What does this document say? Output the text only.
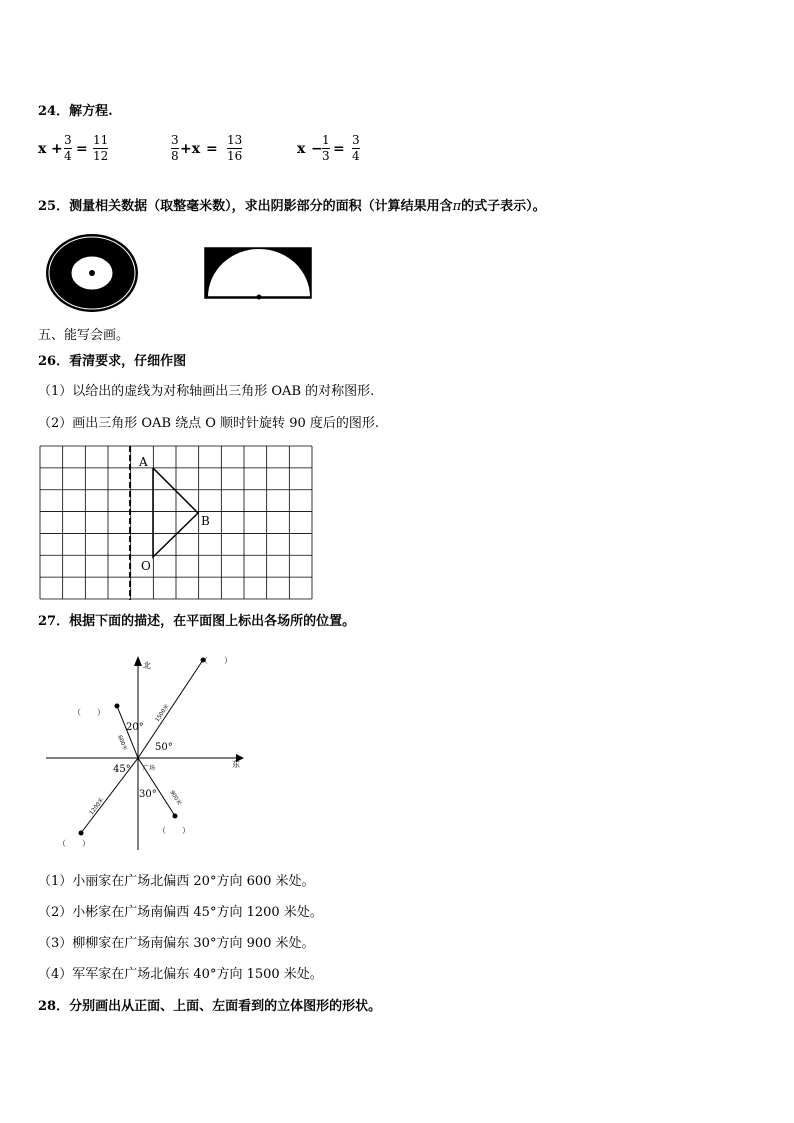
24．解方程.
x +
3
4 =
11
12
3
8 +x =
13
16	x −
1
3 =
3
4
25．测量相关数据（取整毫米数），求出阴影部分的面积（计算结果用含π的式子表示）。
五、能写会画。
26．看清要求，仔细作图
（1）以给出的虚线为对称轴画出三角形 OAB 的对称图形.
（2）画出三角形 OAB 绕点 O 顺时针旋转 90 度后的图形.
A
B
O
27．根据下面的描述，在平面图上标出各场所的位置。
北
东
20°
50°
45°
30°
广场
600米
1500米
1200米	900米
（　　）
（　　）
（　　）
（　　）
（1）小丽家在广场北偏西 20°方向 600 米处。
（2）小彬家在广场南偏西 45°方向 1200 米处。
（3）柳柳家在广场南偏东 30°方向 900 米处。
（4）军军家在广场北偏东 40°方向 1500 米处。
28．分别画出从正面、上面、左面看到的立体图形的形状。
